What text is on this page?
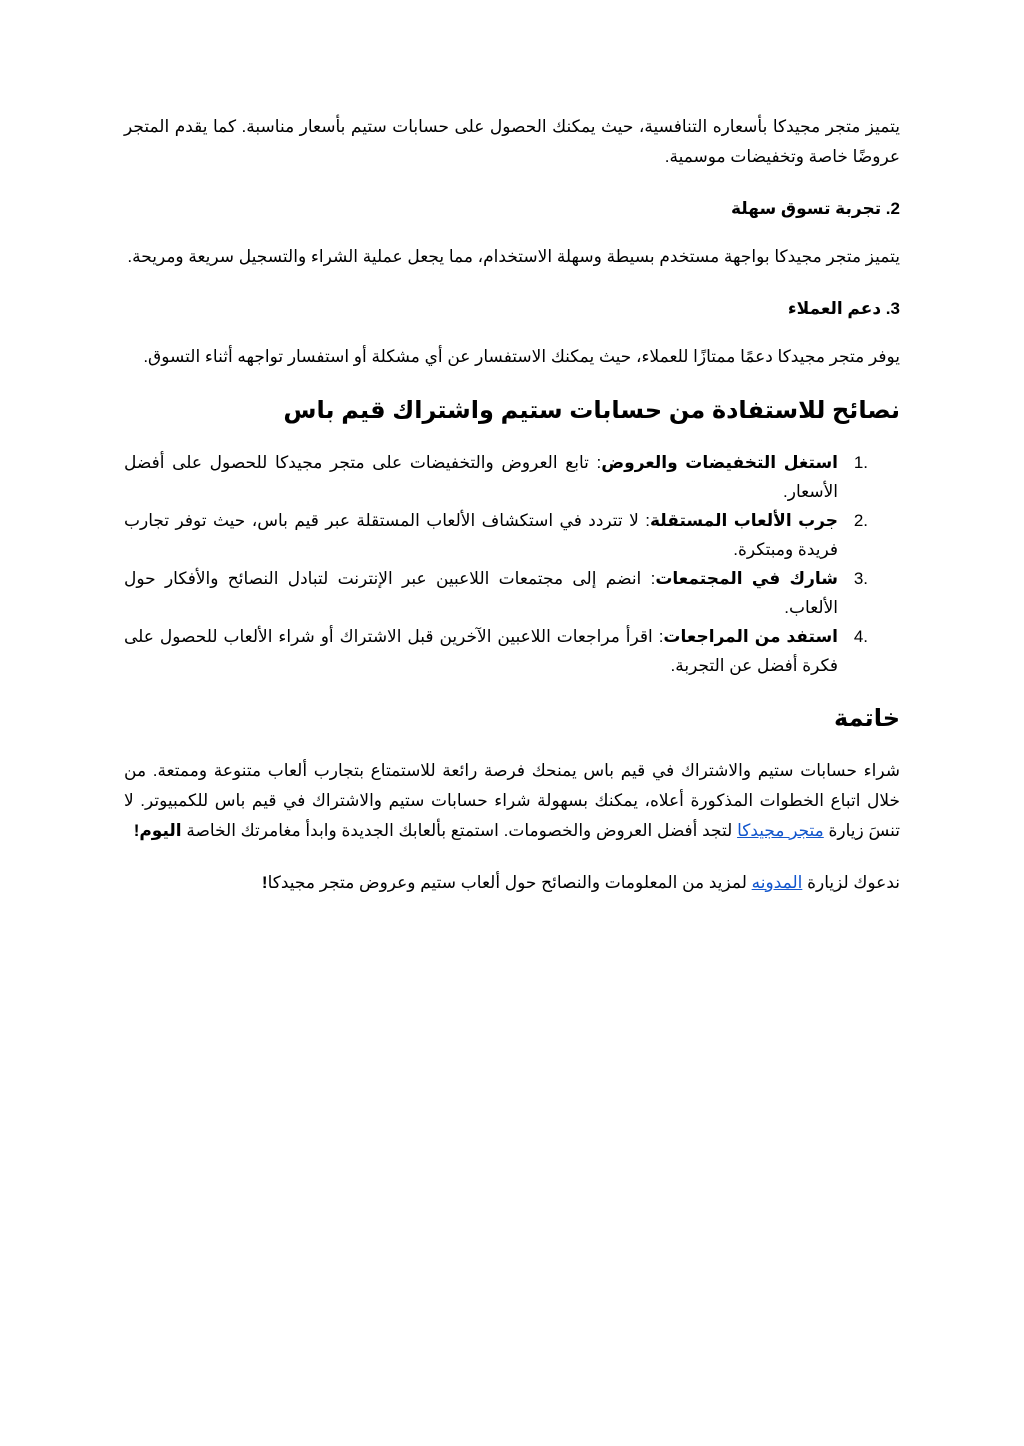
يتميز متجر مجيدكا بأسعاره التنافسية، حيث يمكنك الحصول على حسابات ستيم بأسعار مناسبة. كما يقدم المتجر عروضًا خاصة وتخفيضات موسمية.

2. تجربة تسوق سهلة

يتميز متجر مجيدكا بواجهة مستخدم بسيطة وسهلة الاستخدام، مما يجعل عملية الشراء والتسجيل سريعة ومريحة.

3. دعم العملاء

يوفر متجر مجيدكا دعمًا ممتازًا للعملاء، حيث يمكنك الاستفسار عن أي مشكلة أو استفسار تواجهه أثناء التسوق.

نصائح للاستفادة من حسابات ستيم واشتراك قيم باس
1.
استغل التخفيضات والعروض: تابع العروض والتخفيضات على متجر مجيدكا للحصول على أفضل الأسعار.
2.
جرب الألعاب المستقلة: لا تتردد في استكشاف الألعاب المستقلة عبر قيم باس، حيث توفر تجارب فريدة ومبتكرة.
3.
شارك في المجتمعات: انضم إلى مجتمعات اللاعبين عبر الإنترنت لتبادل النصائح والأفكار حول الألعاب.
4.
استفد من المراجعات: اقرأ مراجعات اللاعبين الآخرين قبل الاشتراك أو شراء الألعاب للحصول على فكرة أفضل عن التجربة.
خاتمة

شراء حسابات ستيم والاشتراك في قيم باس يمنحك فرصة رائعة للاستمتاع بتجارب ألعاب متنوعة وممتعة. من خلال اتباع الخطوات المذكورة أعلاه، يمكنك بسهولة شراء حسابات ستيم والاشتراك في قيم باس للكمبيوتر. لا تنسَ زيارة متجر مجيدكا لتجد أفضل العروض والخصومات. استمتع بألعابك الجديدة وابدأ مغامرتك الخاصة اليوم!

ندعوك لزيارة المدونه لمزيد من المعلومات والنصائح حول ألعاب ستيم وعروض متجر مجيدكا!
